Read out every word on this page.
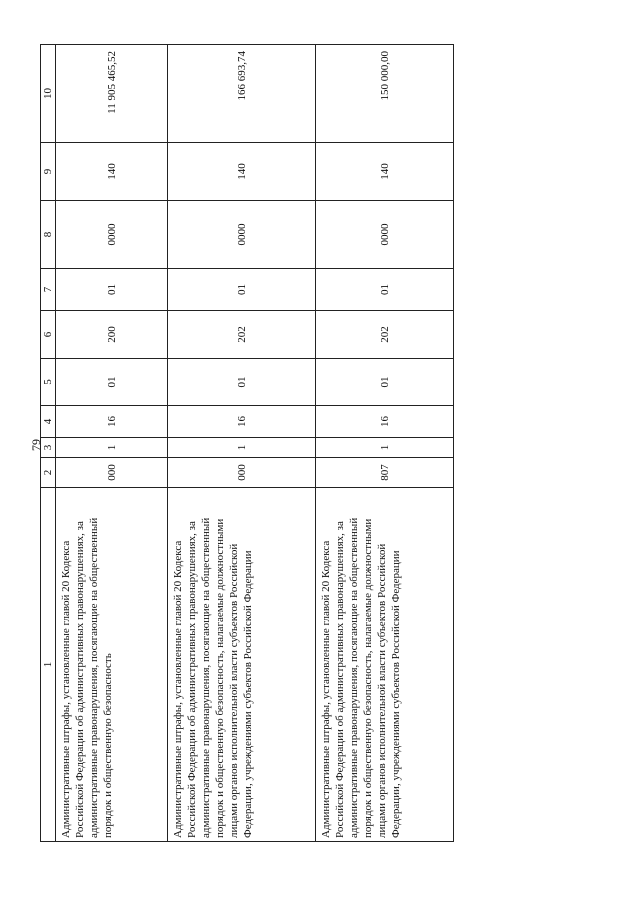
79
1	2	3	4	5	6	7	8	9	10
Административные штрафы, установленные главой 20 Кодекса Российской Федерации об административных правонарушениях, за административные правонарушения, посягающие на общественный порядок и общественную безопасность	000	1	16	01	200	01	0000	140	11 905 465,52
Административные штрафы, установленные главой 20 Кодекса Российской Федерации об административных правонарушениях, за административные правонарушения, посягающие на общественный порядок и общественную безопасность, налагаемые должностными лицами органов исполнительной власти субъектов Российской Федерации, учреждениями субъектов Российской Федерации	000	1	16	01	202	01	0000	140	166 693,74
Административные штрафы, установленные главой 20 Кодекса Российской Федерации об административных правонарушениях, за административные правонарушения, посягающие на общественный порядок и общественную безопасность, налагаемые должностными лицами органов исполнительной власти субъектов Российской Федерации, учреждениями субъектов Российской Федерации	807	1	16	01	202	01	0000	140	150 000,00
